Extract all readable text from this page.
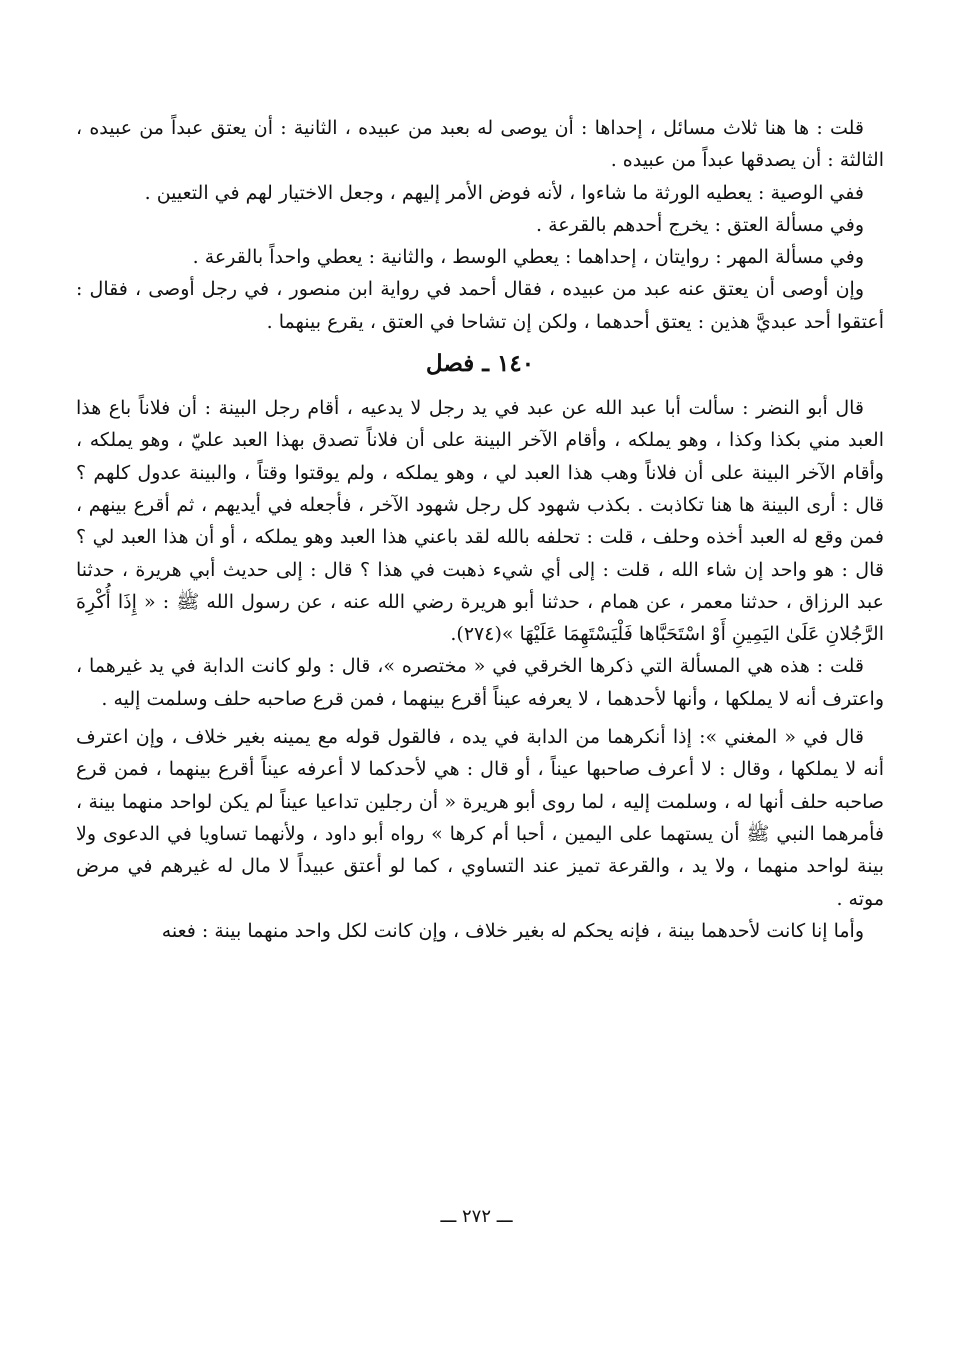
قلت : ها هنا ثلاث مسائل ، إحداها : أن يوصى له بعبد من عبيده ، الثانية : أن يعتق عبداً من عبيده ، الثالثة : أن يصدقها عبداً من عبيده .

ففي الوصية : يعطيه الورثة ما شاءوا ، لأنه فوض الأمر إليهم ، وجعل الاختيار لهم في التعيين .

وفي مسألة العتق : يخرج أحدهم بالقرعة .

وفي مسألة المهر : روايتان ، إحداهما : يعطي الوسط ، والثانية : يعطي واحداً بالقرعة .

وإن أوصى أن يعتق عنه عبد من عبيده ، فقال أحمد في رواية ابن منصور ، في رجل أوصى ، فقال : أعتقوا أحد عبديَّ هذين : يعتق أحدهما ، ولكن إن تشاحا في العتق ، يقرع بينهما .

١٤٠ ـ فصل

قال أبو النضر : سألت أبا عبد الله عن عبد في يد رجل لا يدعيه ، أقام رجل البينة : أن فلاناً باع هذا العبد مني بكذا وكذا ، وهو يملكه ، وأقام الآخر البينة على أن فلاناً تصدق بهذا العبد عليّ ، وهو يملكه ، وأقام الآخر البينة على أن فلاناً وهب هذا العبد لي ، وهو يملكه ، ولم يوقتوا وقتاً ، والبينة عدول كلهم ؟ قال : أرى البينة ها هنا تكاذبت . بكذب شهود كل رجل شهود الآخر ، فأجعله في أيديهم ، ثم أقرع بينهم ، فمن وقع له العبد أخذه وحلف ، قلت : تحلفه بالله لقد باعني هذا العبد وهو يملكه ، أو أن هذا العبد لي ؟ قال : هو واحد إن شاء الله ، قلت : إلى أي شيء ذهبت في هذا ؟ قال : إلى حديث أبي هريرة ، حدثنا عبد الرزاق ، حدثنا معمر ، عن همام ، حدثنا أبو هريرة رضي الله عنه ، عن رسول الله ﷺ : « إِذَا أُكْرِهَ الرَّجُلانِ عَلَىٰ اليَمِينِ أَوْ اسْتَحَبَّاها فَلْيَسْتَهِمَا عَلَيْهَا »(٢٧٤).

قلت : هذه هي المسألة التي ذكرها الخرقي في « مختصره »، قال : ولو كانت الدابة في يد غيرهما ، واعترف أنه لا يملكها ، وأنها لأحدهما ، لا يعرفه عيناً أقرع بينهما ، فمن قرع صاحبه حلف وسلمت إليه .

قال في « المغني »: إذا أنكرهما من الدابة في يده ، فالقول قوله مع يمينه بغير خلاف ، وإن اعترف أنه لا يملكها ، وقال : لا أعرف صاحبها عيناً ، أو قال : هي لأحدكما لا أعرفه عيناً أقرع بينهما ، فمن قرع صاحبه حلف أنها له ، وسلمت إليه ، لما روى أبو هريرة « أن رجلين تداعيا عيناً لم يكن لواحد منهما بينة ، فأمرهما النبي ﷺ أن يستهما على اليمين ، أحبا أم كرها » رواه أبو داود ، ولأنهما تساويا في الدعوى ولا بينة لواحد منهما ، ولا يد ، والقرعة تميز عند التساوي ، كما لو أعتق عبيداً لا مال له غيرهم في مرض موته .

وأما إنا كانت لأحدهما بينة ، فإنه يحكم له بغير خلاف ، وإن كانت لكل واحد منهما بينة : فعنه

ـــ ٢٧٢ ـــ
